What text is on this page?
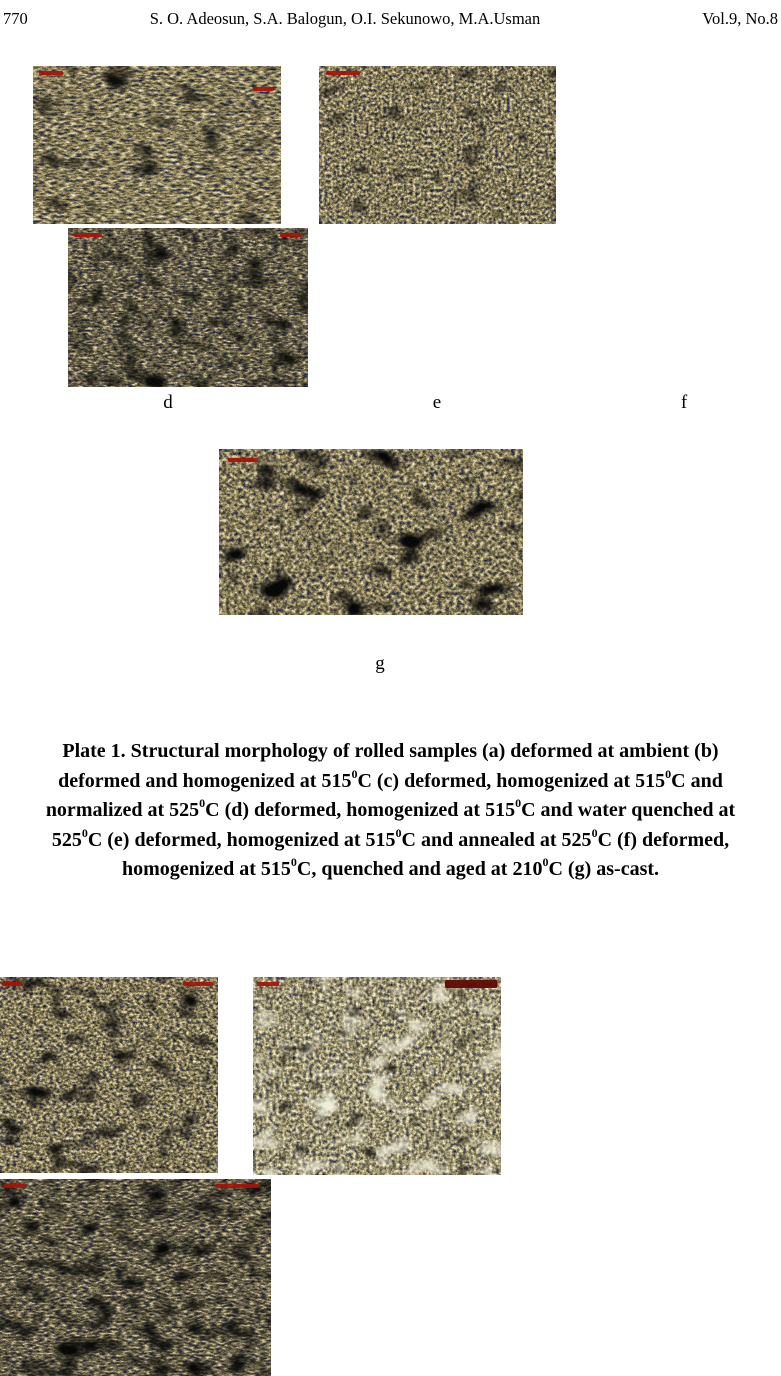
770	S. O. Adeosun, S.A. Balogun, O.I. Sekunowo, M.A.Usman	Vol.9, No.8
d	e	f
g
Plate 1. Structural morphology of rolled samples (a) deformed at ambient (b)
deformed and homogenized at $515^0C$ (c) deformed, homogenized at $515^0C$ and
normalized at $525^0C$ (d) deformed, homogenized at $515^0C$ and water quenched at
$525^0C$ (e) deformed, homogenized at $515^0C$ and annealed at $525^0C$ (f) deformed,
homogenized at $515^0C$, quenched and aged at $210^0C$ (g) as-cast.
